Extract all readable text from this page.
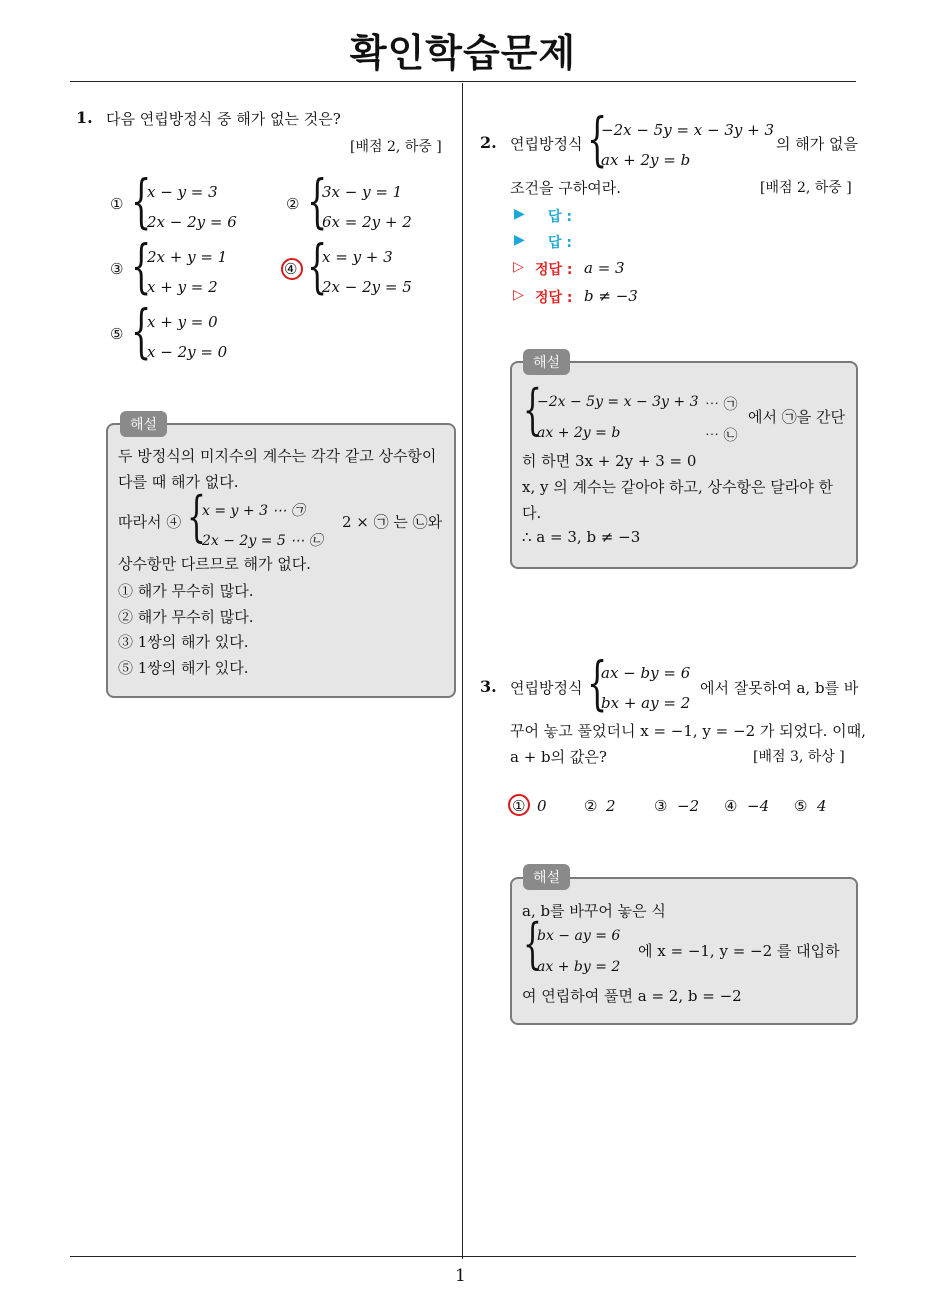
확인학습문제
1
1. 다음 연립방정식 중 해가 없는 것은?
[배점 2, 하중 ]
① {
x − y = 3
2x − 2y = 6
② {
3x − y = 1
6x = 2y + 2
③ {
2x + y = 1
x + y = 2
④ {
x = y + 3
2x − 2y = 5
⑤ {
x + y = 0
x − 2y = 0
해설
두 방정식의 미지수의 계수는 각각 같고 상수항이
다를 때 해가 없다.
따라서 ④ {
x = y + 3 ⋯ ㉠
2x − 2y = 5 ⋯ ㉡
2 × ㉠ 는 ㉡와
상수항만 다르므로 해가 없다.
① 해가 무수히 많다.
② 해가 무수히 많다.
③ 1쌍의 해가 있다.
⑤ 1쌍의 해가 있다.
2. 연립방정식 {
−2x − 5y = x − 3y + 3
ax + 2y = b
의 해가 없을
조건을 구하여라.	[배점 2, 하중 ]
▶ 답 :
▶ 답 :
▷ 정답 : a = 3
▷ 정답 : b ≠ −3
해설
{
−2x − 5y = x − 3y + 3 ⋯ ㉠
ax + 2y = b	⋯ ㉡
에서 ㉠을 간단
히 하면 3x + 2y + 3 = 0
x, y 의 계수는 같아야 하고, 상수항은 달라야 한
다.
∴ a = 3, b ≠ −3
3. 연립방정식 {
ax − by = 6
bx + ay = 2
에서 잘못하여 a, b를 바
꾸어 놓고 풀었더니 x = −1, y = −2 가 되었다. 이때,
a + b의 값은?	[배점 3, 하상 ]
① 0 ② 2	③ −2 ④ −4 ⑤ 4
해설
a, b를 바꾸어 놓은 식
{
bx − ay = 6
ax + by = 2
에 x = −1, y = −2 를 대입하
여 연립하여 풀면 a = 2, b = −2
